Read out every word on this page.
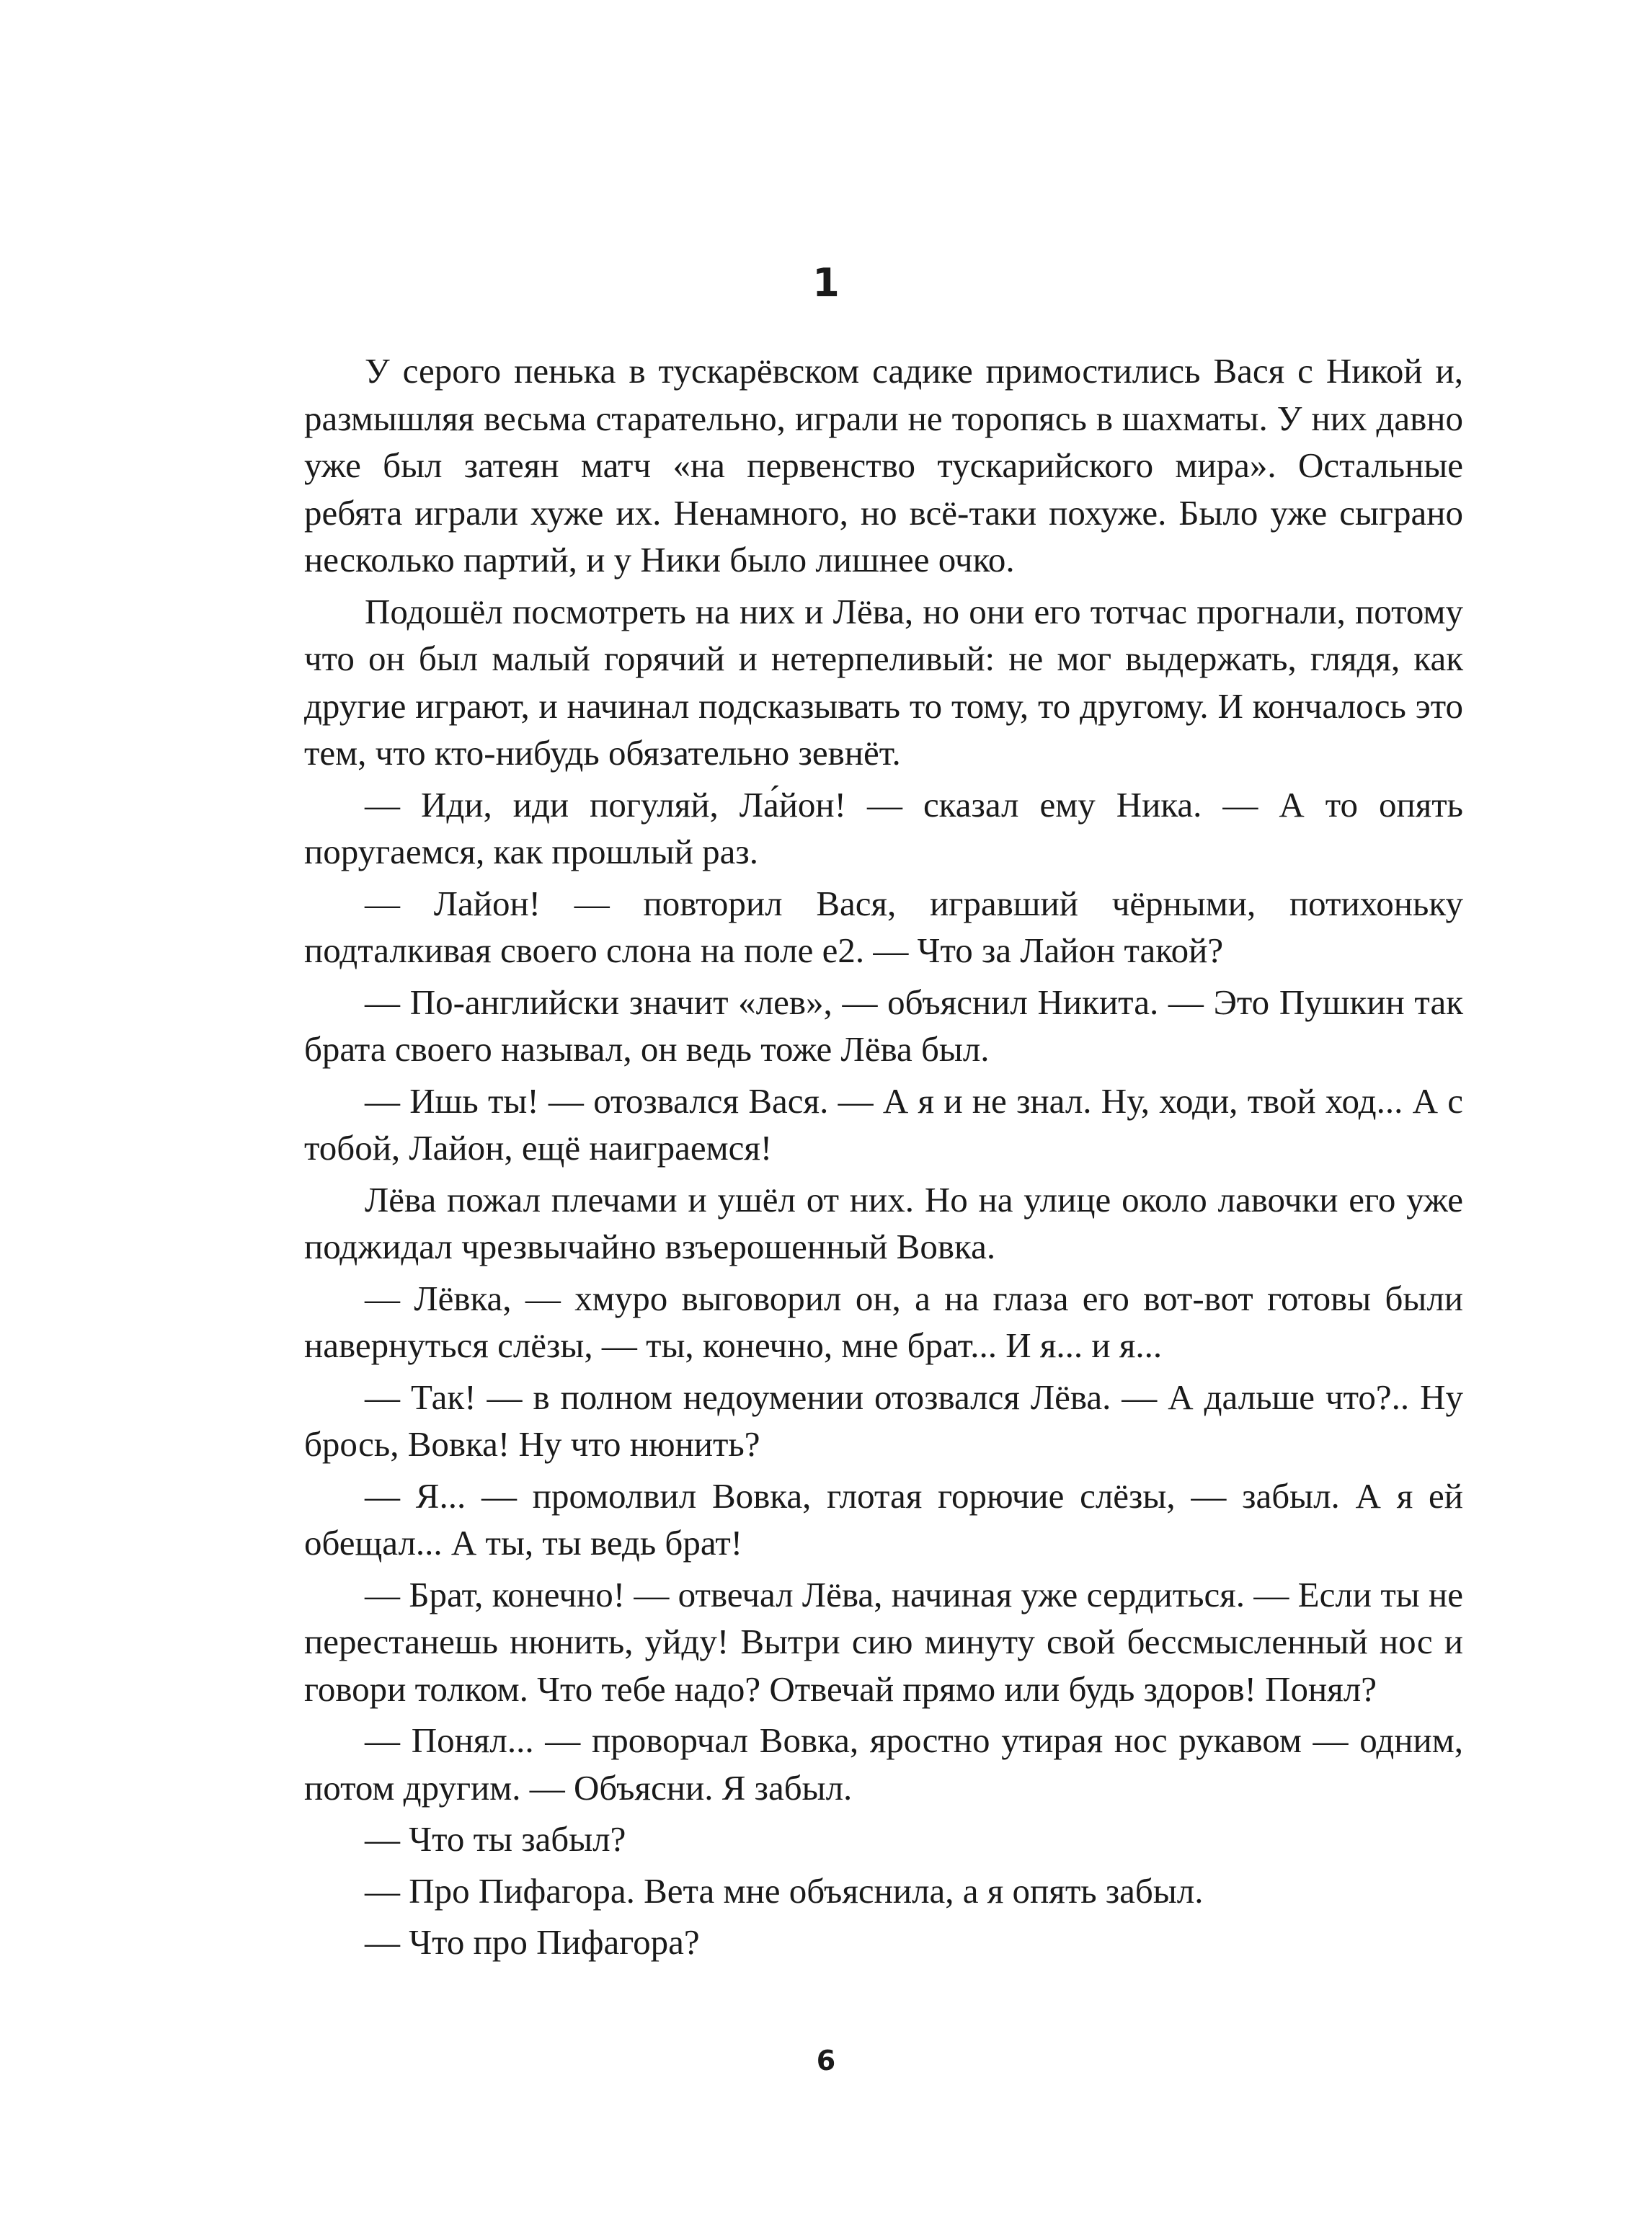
1

У серого пенька в тускарёвском садике примостились Вася с Никой и, размышляя весьма старательно, играли не торопясь в шахматы. У них давно уже был затеян матч «на первенство тускарийского мира». Остальные ребята играли хуже их. Ненамного, но всё-таки похуже. Было уже сыграно несколько партий, и у Ники было лишнее очко.

Подошёл посмотреть на них и Лёва, но они его тотчас прогнали, потому что он был малый горячий и нетерпеливый: не мог выдержать, глядя, как другие играют, и начинал подсказывать то тому, то другому. И кончалось это тем, что кто-нибудь обязательно зевнёт.

— Иди, иди погуляй, Ла́йон! — сказал ему Ника. — А то опять поругаемся, как прошлый раз.

— Лайон! — повторил Вася, игравший чёрными, потихоньку подталкивая своего слона на поле е2. — Что за Лайон такой?

— По-английски значит «лев», — объяснил Никита. — Это Пушкин так брата своего называл, он ведь тоже Лёва был.

— Ишь ты! — отозвался Вася. — А я и не знал. Ну, ходи, твой ход... А с тобой, Лайон, ещё наиграемся!

Лёва пожал плечами и ушёл от них. Но на улице около лавочки его уже поджидал чрезвычайно взъерошенный Вовка.

— Лёвка, — хмуро выговорил он, а на глаза его вот-вот готовы были навернуться слёзы, — ты, конечно, мне брат... И я... и я...

— Так! — в полном недоумении отозвался Лёва. — А дальше что?.. Ну брось, Вовка! Ну что нюнить?

— Я... — промолвил Вовка, глотая горючие слёзы, — забыл. А я ей обещал... А ты, ты ведь брат!

— Брат, конечно! — отвечал Лёва, начиная уже сердиться. — Если ты не перестанешь нюнить, уйду! Вытри сию минуту свой бессмысленный нос и говори толком. Что тебе надо? Отвечай прямо или будь здоров! Понял?

— Понял... — проворчал Вовка, яростно утирая нос рукавом — одним, потом другим. — Объясни. Я забыл.

— Что ты забыл?

— Про Пифагора. Вета мне объяснила, а я опять забыл.

— Что про Пифагора?

6
